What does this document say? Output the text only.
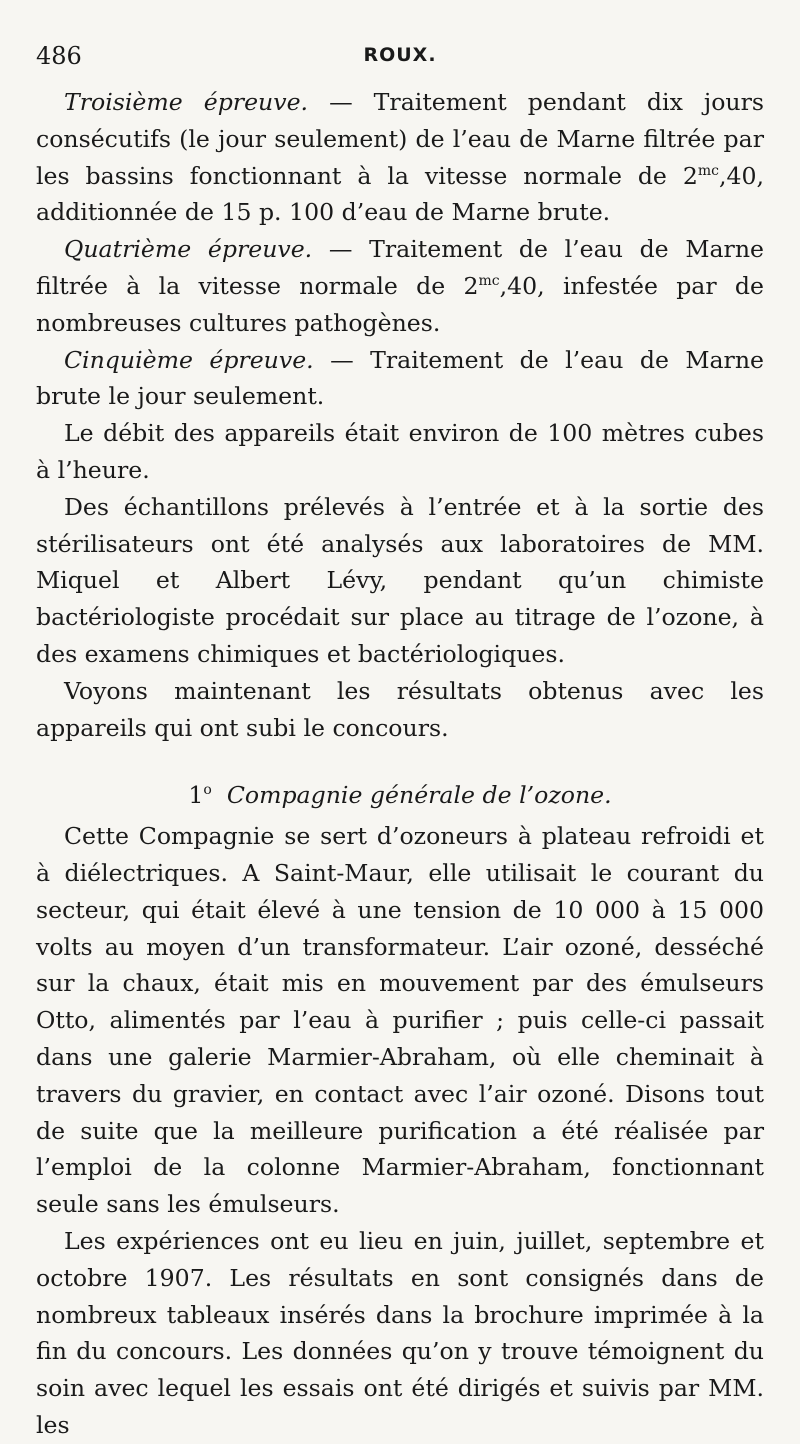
486	ROUX.

Troisième épreuve. — Traitement pendant dix jours consécutifs (le jour seulement) de l’eau de Marne filtrée par les bassins fonctionnant à la vitesse normale de $2^{mc},40$, additionnée de 15 p. 100 d’eau de Marne brute.

Quatrième épreuve. — Traitement de l’eau de Marne filtrée à la vitesse normale de $2^{mc},40$, infestée par de nombreuses cultures pathogènes.

Cinquième épreuve. — Traitement de l’eau de Marne brute le jour seulement.

Le débit des appareils était environ de 100 mètres cubes à l’heure.

Des échantillons prélevés à l’entrée et à la sortie des stérilisateurs ont été analysés aux laboratoires de MM. Miquel et Albert Lévy, pendant qu’un chimiste bactériologiste procédait sur place au titrage de l’ozone, à des examens chimiques et bactériologiques.

Voyons maintenant les résultats obtenus avec les appareils qui ont subi le concours.

1$^o$ Compagnie générale de l’ozone.

Cette Compagnie se sert d’ozoneurs à plateau refroidi et à diélectriques. A Saint-Maur, elle utilisait le courant du secteur, qui était élevé à une tension de 10 000 à 15 000 volts au moyen d’un transformateur. L’air ozoné, desséché sur la chaux, était mis en mouvement par des émulseurs Otto, alimentés par l’eau à purifier ; puis celle-ci passait dans une galerie Marmier-Abraham, où elle cheminait à travers du gravier, en contact avec l’air ozoné. Disons tout de suite que la meilleure purification a été réalisée par l’emploi de la colonne Marmier-Abraham, fonctionnant seule sans les émulseurs.

Les expériences ont eu lieu en juin, juillet, septembre et octobre 1907. Les résultats en sont consignés dans de nombreux tableaux insérés dans la brochure imprimée à la fin du concours. Les données qu’on y trouve témoignent du soin avec lequel les essais ont été dirigés et suivis par MM. les
